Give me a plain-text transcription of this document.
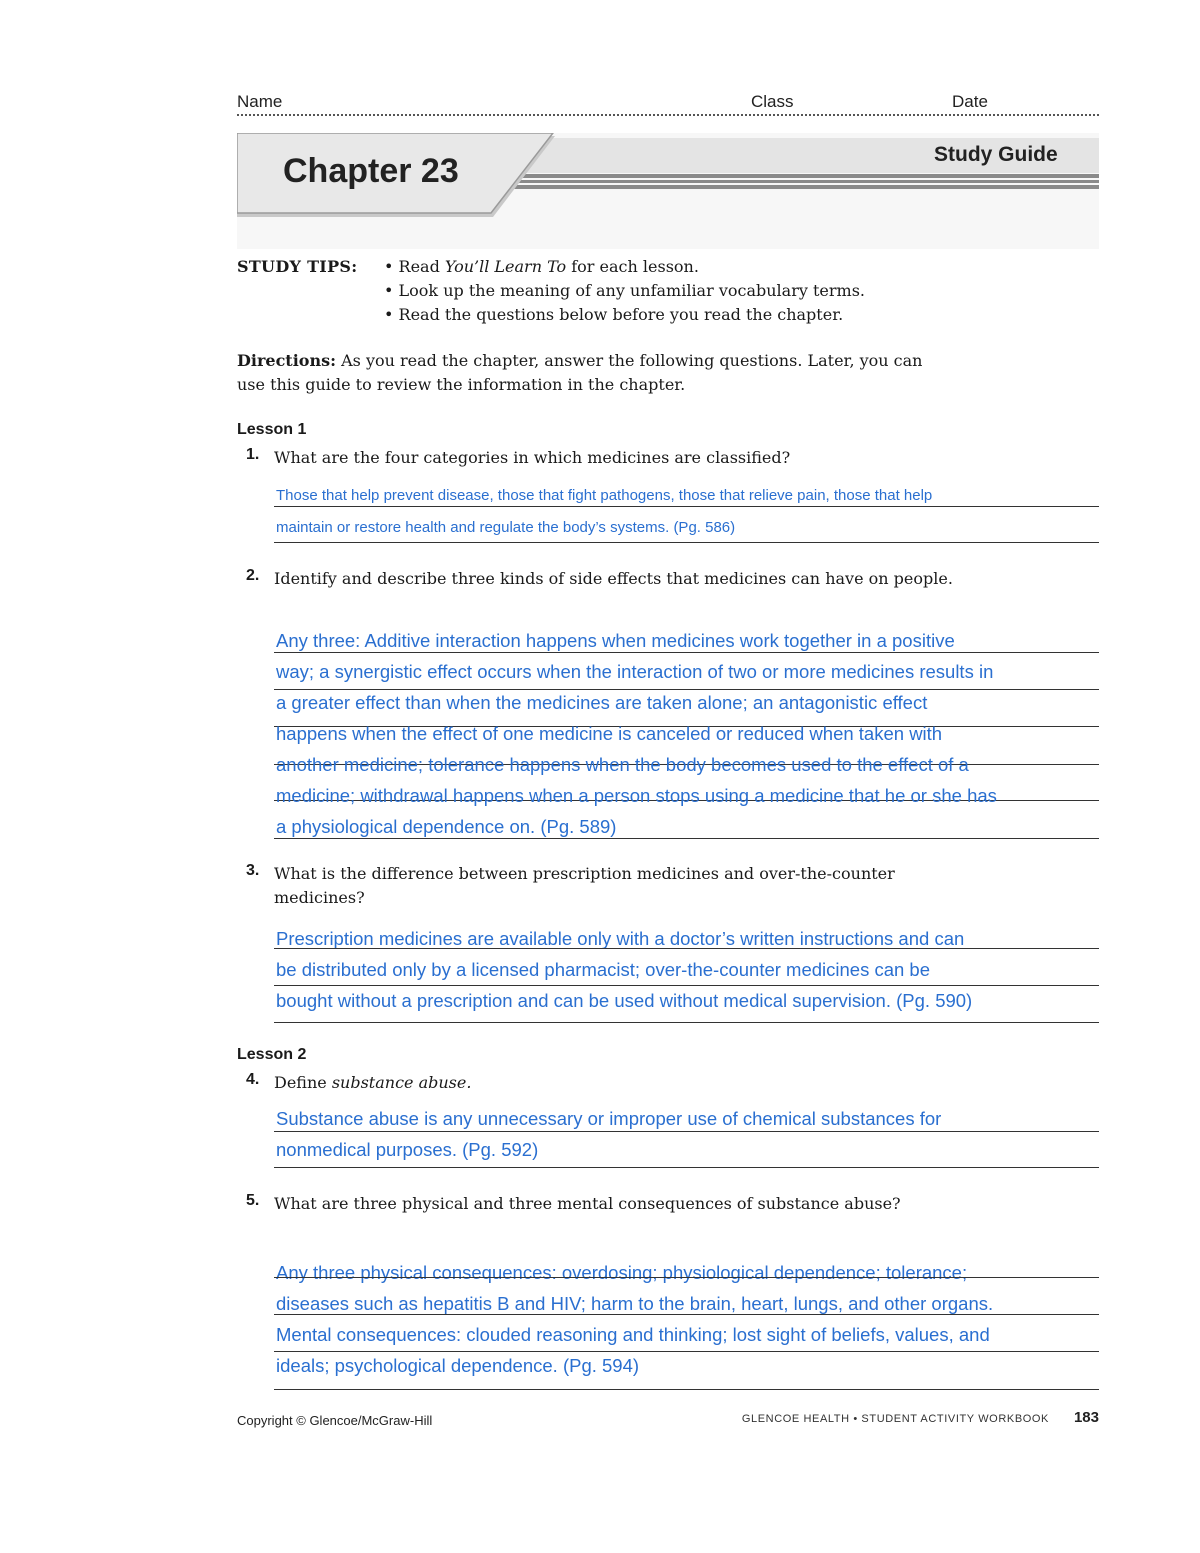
Name	Class	Date
Chapter 23	Study Guide
STUDY TIPS: • Read You’ll Learn To for each lesson.
• Look up the meaning of any unfamiliar vocabulary terms.
• Read the questions below before you read the chapter.
Directions: As you read the chapter, answer the following questions. Later, you can use this guide to review the information in the chapter.
Lesson 1
1. What are the four categories in which medicines are classified?
Those that help prevent disease, those that fight pathogens, those that relieve pain, those that help
maintain or restore health and regulate the body’s systems. (Pg. 586)
2. Identify and describe three kinds of side effects that medicines can have on people.
Any three: Additive interaction happens when medicines work together in a positive
way; a synergistic effect occurs when the interaction of two or more medicines results in
a greater effect than when the medicines are taken alone; an antagonistic effect
happens when the effect of one medicine is canceled or reduced when taken with
another medicine; tolerance happens when the body becomes used to the effect of a
medicine; withdrawal happens when a person stops using a medicine that he or she has
a physiological dependence on. (Pg. 589)
3. What is the difference between prescription medicines and over-the-counter medicines?
Prescription medicines are available only with a doctor’s written instructions and can
be distributed only by a licensed pharmacist; over-the-counter medicines can be
bought without a prescription and can be used without medical supervision. (Pg. 590)
Lesson 2
4. Define substance abuse.
Substance abuse is any unnecessary or improper use of chemical substances for
nonmedical purposes. (Pg. 592)
5. What are three physical and three mental consequences of substance abuse?
Any three physical consequences: overdosing; physiological dependence; tolerance;
diseases such as hepatitis B and HIV; harm to the brain, heart, lungs, and other organs.
Mental consequences: clouded reasoning and thinking; lost sight of beliefs, values, and
ideals; psychological dependence. (Pg. 594)
Copyright © Glencoe/McGraw-Hill	GLENCOE HEALTH • STUDENT ACTIVITY WORKBOOK 183
